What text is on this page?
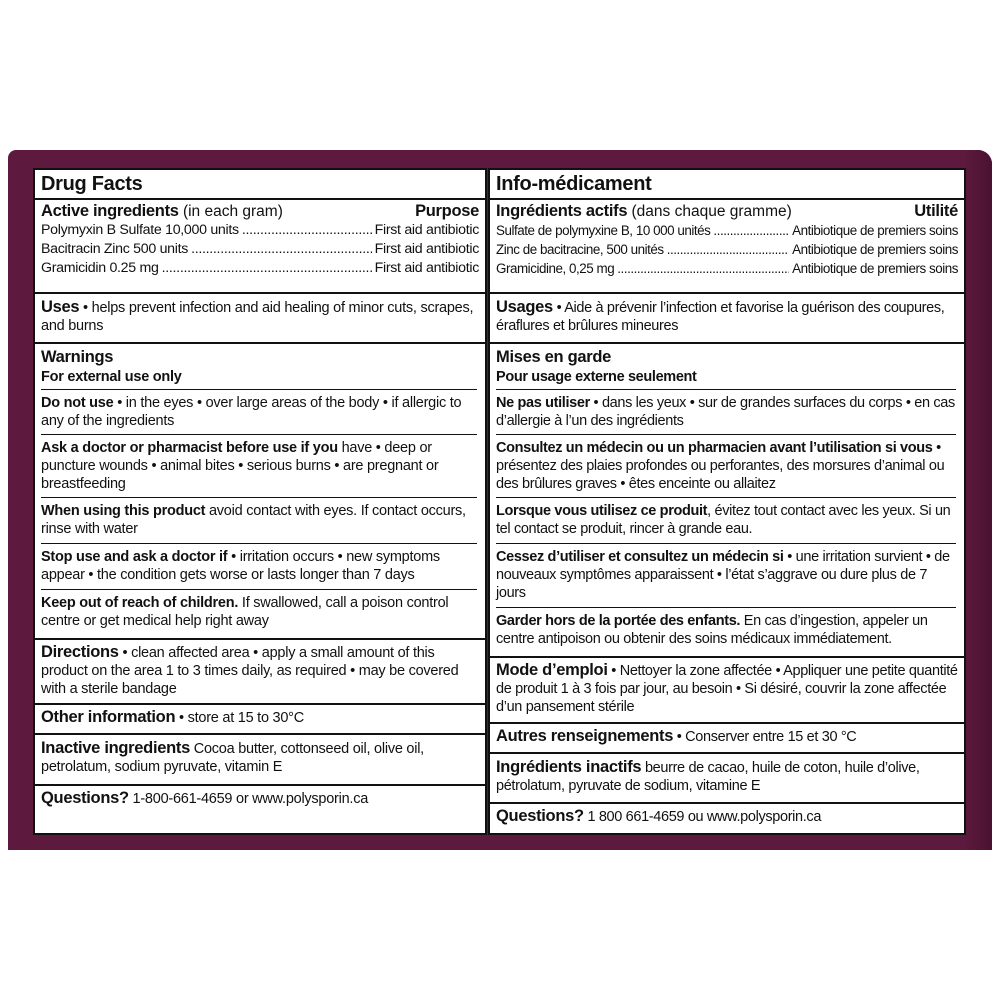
Drug Facts
Active ingredients (in each gram)	Purpose
Polymyxin B Sulfate 10,000 units .....	First aid antibiotic
Bacitracin Zinc 500 units .....	First aid antibiotic
Gramicidin 0.25 mg .....	First aid antibiotic
Uses • helps prevent infection and aid healing of minor cuts, scrapes, and burns
Warnings
For external use only
Do not use • in the eyes • over large areas of the body • if allergic to any of the ingredients
Ask a doctor or pharmacist before use if you have • deep or puncture wounds • animal bites • serious burns • are pregnant or breastfeeding
When using this product avoid contact with eyes. If contact occurs, rinse with water
Stop use and ask a doctor if • irritation occurs • new symptoms appear • the condition gets worse or lasts longer than 7 days
Keep out of reach of children. If swallowed, call a poison control centre or get medical help right away
Directions • clean affected area • apply a small amount of this product on the area 1 to 3 times daily, as required • may be covered with a sterile bandage
Other information • store at 15 to 30°C
Inactive ingredients Cocoa butter, cottonseed oil, olive oil, petrolatum, sodium pyruvate, vitamin E
Questions? 1-800-661-4659 or www.polysporin.ca
Info-médicament
Ingrédients actifs (dans chaque gramme)	Utilité
Sulfate de polymyxine B, 10 000 unités .....	Antibiotique de premiers soins
Zinc de bacitracine, 500 unités .....	Antibiotique de premiers soins
Gramicidine, 0,25 mg .....	Antibiotique de premiers soins
Usages • Aide à prévenir l’infection et favorise la guérison des coupures, éraflures et brûlures mineures
Mises en garde
Pour usage externe seulement
Ne pas utiliser • dans les yeux • sur de grandes surfaces du corps • en cas d’allergie à l’un des ingrédients
Consultez un médecin ou un pharmacien avant l’utilisation si vous • présentez des plaies profondes ou perforantes, des morsures d’animal ou des brûlures graves • êtes enceinte ou allaitez
Lorsque vous utilisez ce produit, évitez tout contact avec les yeux. Si un tel contact se produit, rincer à grande eau.
Cessez d’utiliser et consultez un médecin si • une irritation survient • de nouveaux symptômes apparaissent • l’état s’aggrave ou dure plus de 7 jours
Garder hors de la portée des enfants. En cas d’ingestion, appeler un centre antipoison ou obtenir des soins médicaux immédiatement.
Mode d’emploi • Nettoyer la zone affectée • Appliquer une petite quantité de produit 1 à 3 fois par jour, au besoin • Si désiré, couvrir la zone affectée d’un pansement stérile
Autres renseignements • Conserver entre 15 et 30 °C
Ingrédients inactifs beurre de cacao, huile de coton, huile d’olive, pétrolatum, pyruvate de sodium, vitamine E
Questions? 1 800 661-4659 ou www.polysporin.ca
